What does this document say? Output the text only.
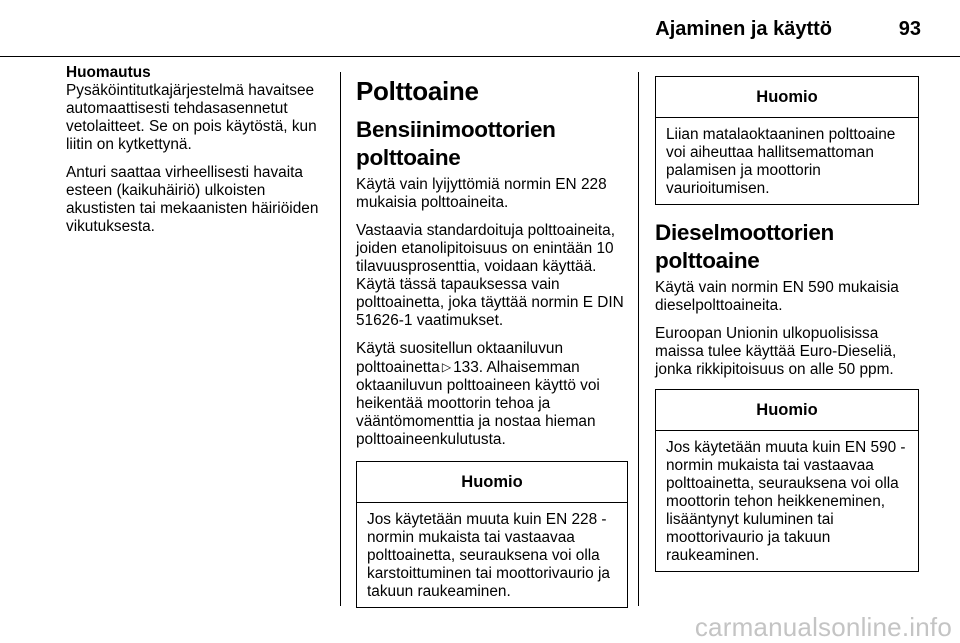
Ajaminen ja käyttö	93

Huomautus
Pysäköintitutkajärjestelmä havaitsee automaattisesti tehdasasennetut vetolaitteet. Se on pois käytöstä, kun liitin on kytkettynä.

Anturi saattaa virheellisesti havaita esteen (kaikuhäiriö) ulkoisten akustisten tai mekaanisten häiriöiden vikutuksesta.

Polttoaine
Bensiinimoottorien polttoaine

Käytä vain lyijyttömiä normin EN 228 mukaisia polttoaineita.

Vastaavia standardoituja polttoaineita, joiden etanolipitoisuus on enintään 10 tilavuusprosenttia, voidaan käyttää. Käytä tässä tapauksessa vain polttoainetta, joka täyttää normin E DIN 51626-1 vaatimukset.

Käytä suositellun oktaaniluvun polttoainetta ▷ 133. Alhaisemman oktaaniluvun polttoaineen käyttö voi heikentää moottorin tehoa ja vääntömomenttia ja nostaa hieman polttoaineenkulutusta.

Huomio
Jos käytetään muuta kuin EN 228 -normin mukaista tai vastaavaa polttoainetta, seurauksena voi olla karstoittuminen tai moottorivaurio ja takuun raukeaminen.
Huomio
Liian matalaoktaaninen polttoaine voi aiheuttaa hallitsemattoman palamisen ja moottorin vaurioitumisen.
Dieselmoottorien polttoaine

Käytä vain normin EN 590 mukaisia dieselpolttoaineita.

Euroopan Unionin ulkopuolisissa maissa tulee käyttää Euro-Dieseliä, jonka rikkipitoisuus on alle 50 ppm.

Huomio
Jos käytetään muuta kuin EN 590 -normin mukaista tai vastaavaa polttoainetta, seurauksena voi olla moottorin tehon heikkeneminen, lisääntynyt kuluminen tai moottorivaurio ja takuun raukeaminen.
carmanualsonline.info
